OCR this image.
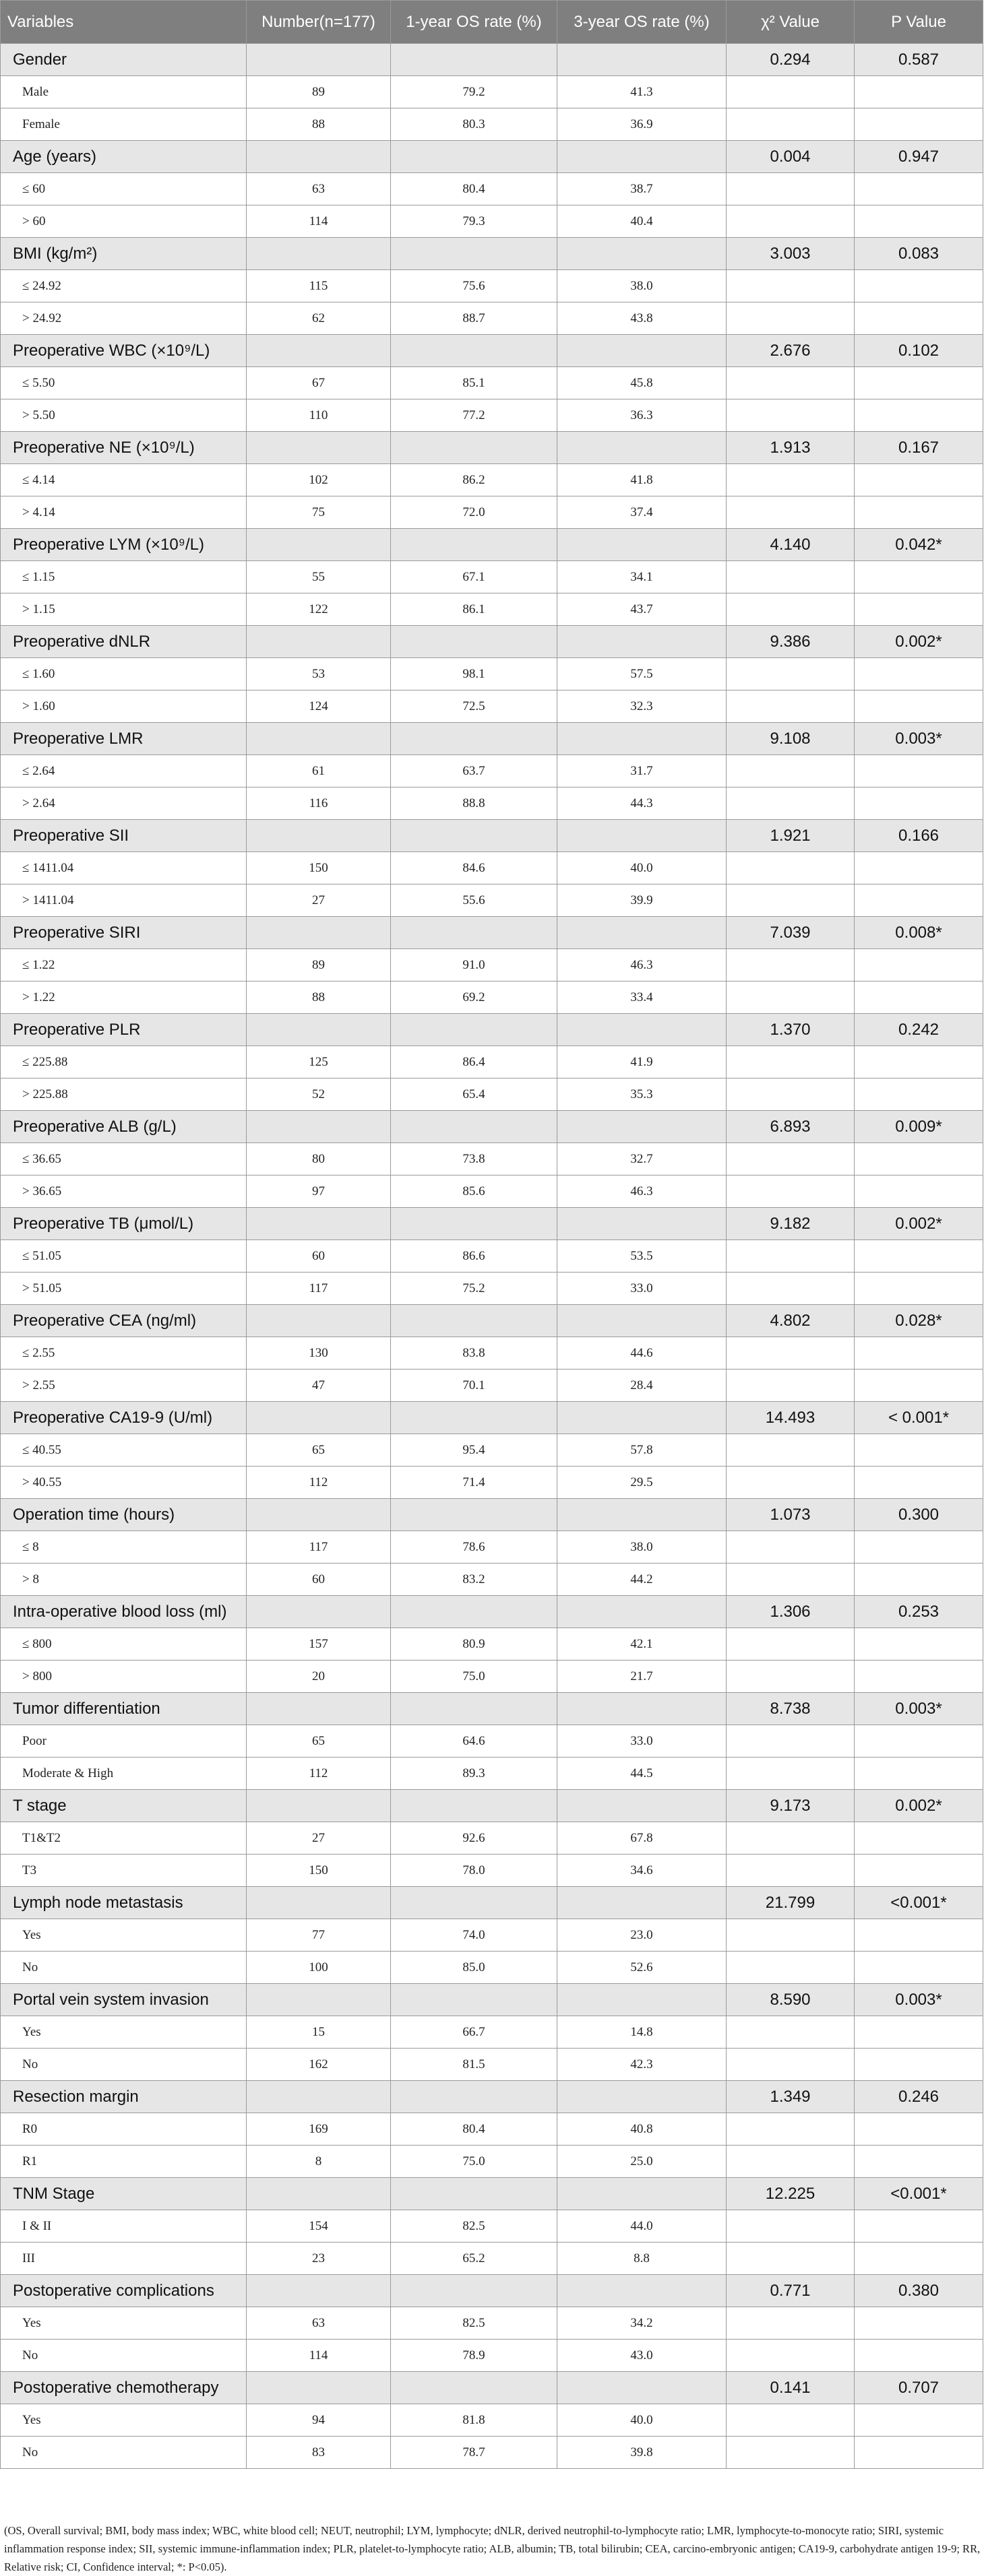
Variables	Number(n=177)	1-year OS rate (%)	3-year OS rate (%)	χ² Value	P Value
Gender				0.294	0.587
Male	89	79.2	41.3		
Female	88	80.3	36.9		
Age (years)				0.004	0.947
≤ 60	63	80.4	38.7		
> 60	114	79.3	40.4		
BMI (kg/m²)				3.003	0.083
≤ 24.92	115	75.6	38.0		
> 24.92	62	88.7	43.8		
Preoperative WBC (×10⁹/L)				2.676	0.102
≤ 5.50	67	85.1	45.8		
> 5.50	110	77.2	36.3		
Preoperative NE (×10⁹/L)				1.913	0.167
≤ 4.14	102	86.2	41.8		
> 4.14	75	72.0	37.4		
Preoperative LYM (×10⁹/L)				4.140	0.042*
≤ 1.15	55	67.1	34.1		
> 1.15	122	86.1	43.7		
Preoperative dNLR				9.386	0.002*
≤ 1.60	53	98.1	57.5		
> 1.60	124	72.5	32.3		
Preoperative LMR				9.108	0.003*
≤ 2.64	61	63.7	31.7		
> 2.64	116	88.8	44.3		
Preoperative SII				1.921	0.166
≤ 1411.04	150	84.6	40.0		
> 1411.04	27	55.6	39.9		
Preoperative SIRI				7.039	0.008*
≤ 1.22	89	91.0	46.3		
> 1.22	88	69.2	33.4		
Preoperative PLR				1.370	0.242
≤ 225.88	125	86.4	41.9		
> 225.88	52	65.4	35.3		
Preoperative ALB (g/L)				6.893	0.009*
≤ 36.65	80	73.8	32.7		
> 36.65	97	85.6	46.3		
Preoperative TB (μmol/L)				9.182	0.002*
≤ 51.05	60	86.6	53.5		
> 51.05	117	75.2	33.0		
Preoperative CEA (ng/ml)				4.802	0.028*
≤ 2.55	130	83.8	44.6		
> 2.55	47	70.1	28.4		
Preoperative CA19-9 (U/ml)				14.493	< 0.001*
≤ 40.55	65	95.4	57.8		
> 40.55	112	71.4	29.5		
Operation time (hours)				1.073	0.300
≤ 8	117	78.6	38.0		
> 8	60	83.2	44.2		
Intra-operative blood loss (ml)				1.306	0.253
≤ 800	157	80.9	42.1		
> 800	20	75.0	21.7		
Tumor differentiation				8.738	0.003*
Poor	65	64.6	33.0		
Moderate & High	112	89.3	44.5		
T stage				9.173	0.002*
T1&T2	27	92.6	67.8		
T3	150	78.0	34.6		
Lymph node metastasis				21.799	<0.001*
Yes	77	74.0	23.0		
No	100	85.0	52.6		
Portal vein system invasion				8.590	0.003*
Yes	15	66.7	14.8		
No	162	81.5	42.3		
Resection margin				1.349	0.246
R0	169	80.4	40.8		
R1	8	75.0	25.0		
TNM Stage				12.225	<0.001*
I & II	154	82.5	44.0		
III	23	65.2	8.8		
Postoperative complications				0.771	0.380
Yes	63	82.5	34.2		
No	114	78.9	43.0		
Postoperative chemotherapy				0.141	0.707
Yes	94	81.8	40.0		
No	83	78.7	39.8		
(OS, Overall survival; BMI, body mass index; WBC, white blood cell; NEUT, neutrophil; LYM, lymphocyte; dNLR, derived neutrophil-to-lymphocyte ratio; LMR, lymphocyte-to-monocyte ratio; SIRI, systemic inflammation response index; SII, systemic immune-inflammation index; PLR, platelet-to-lymphocyte ratio; ALB, albumin; TB, total bilirubin; CEA, carcino-embryonic antigen; CA19-9, carbohydrate antigen 19-9; RR, Relative risk; CI, Confidence interval; *: P<0.05).
